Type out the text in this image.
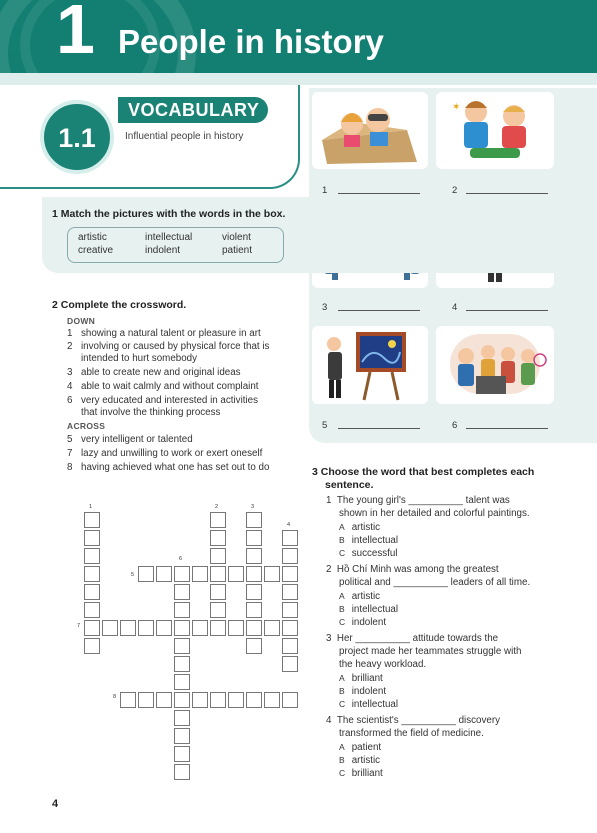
1 People in history
1.1
VOCABULARY
Influential people in history
1
✶
2
3	4
5	6
1 Match the pictures with the words in the box.
artistic	intellectual	violent
creative	indolent	patient
2 Complete the crossword.
DOWN
1 showing a natural talent or pleasure in art
2 involving or caused by physical force that is
intended to hurt somebody
3 able to create new and original ideas
4 able to wait calmly and without complaint
6 very educated and interested in activities
that involve the thinking process
ACROSS
5 very intelligent or talented
7 lazy and unwilling to work or exert oneself
8 having achieved what one has set out to do
1	2	3
4
5
6
7
8
3 Choose the word that best completes each
sentence.
1 The young girl's __________ talent was
shown in her detailed and colorful paintings.
A artistic
B intellectual
C successful
2 Hồ Chí Minh was among the greatest
political and __________ leaders of all time.
A artistic
B intellectual
C indolent
3 Her __________ attitude towards the
project made her teammates struggle with
the heavy workload.
A brilliant
B indolent
C intellectual
4 The scientist's __________ discovery
transformed the field of medicine.
A patient
B artistic
C brilliant
4
